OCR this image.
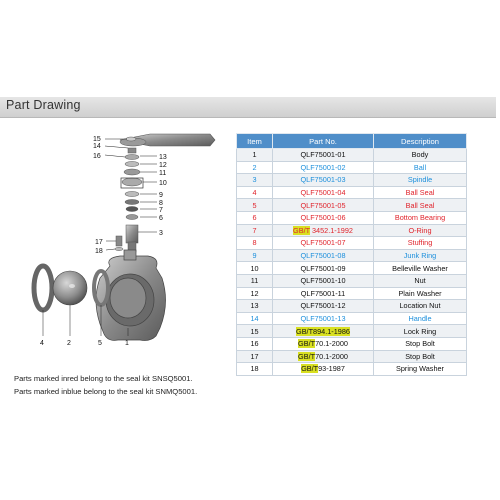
Part Drawing
15
14
16	13
12
11
10
9
8
7
6
3
17
18
4	2	5	1
Parts marked inred belong to the seal kit SNSQ5001.
Parts marked inblue belong to the seal kit SNMQ5001.
Item	Part No.	Description
1	QLF75001-01	Body
2	QLF75001-02	Ball
3	QLF75001-03	Spindle
4	QLF75001-04	Ball Seal
5	QLF75001-05	Ball Seal
6	QLF75001-06	Bottom Bearing
7	GB/T 3452.1-1992	O-Ring
8	QLF75001-07	Stuffing
9	QLF75001-08	Junk Ring
10	QLF75001-09	Belleville Washer
11	QLF75001-10	Nut
12	QLF75001-11	Plain Washer
13	QLF75001-12	Location Nut
14	QLF75001-13	Handle
15	GB/T894.1-1986	Lock Ring
16	GB/T70.1-2000	Stop Bolt
17	GB/T70.1-2000	Stop Bolt
18	GB/T93-1987	Spring Washer
